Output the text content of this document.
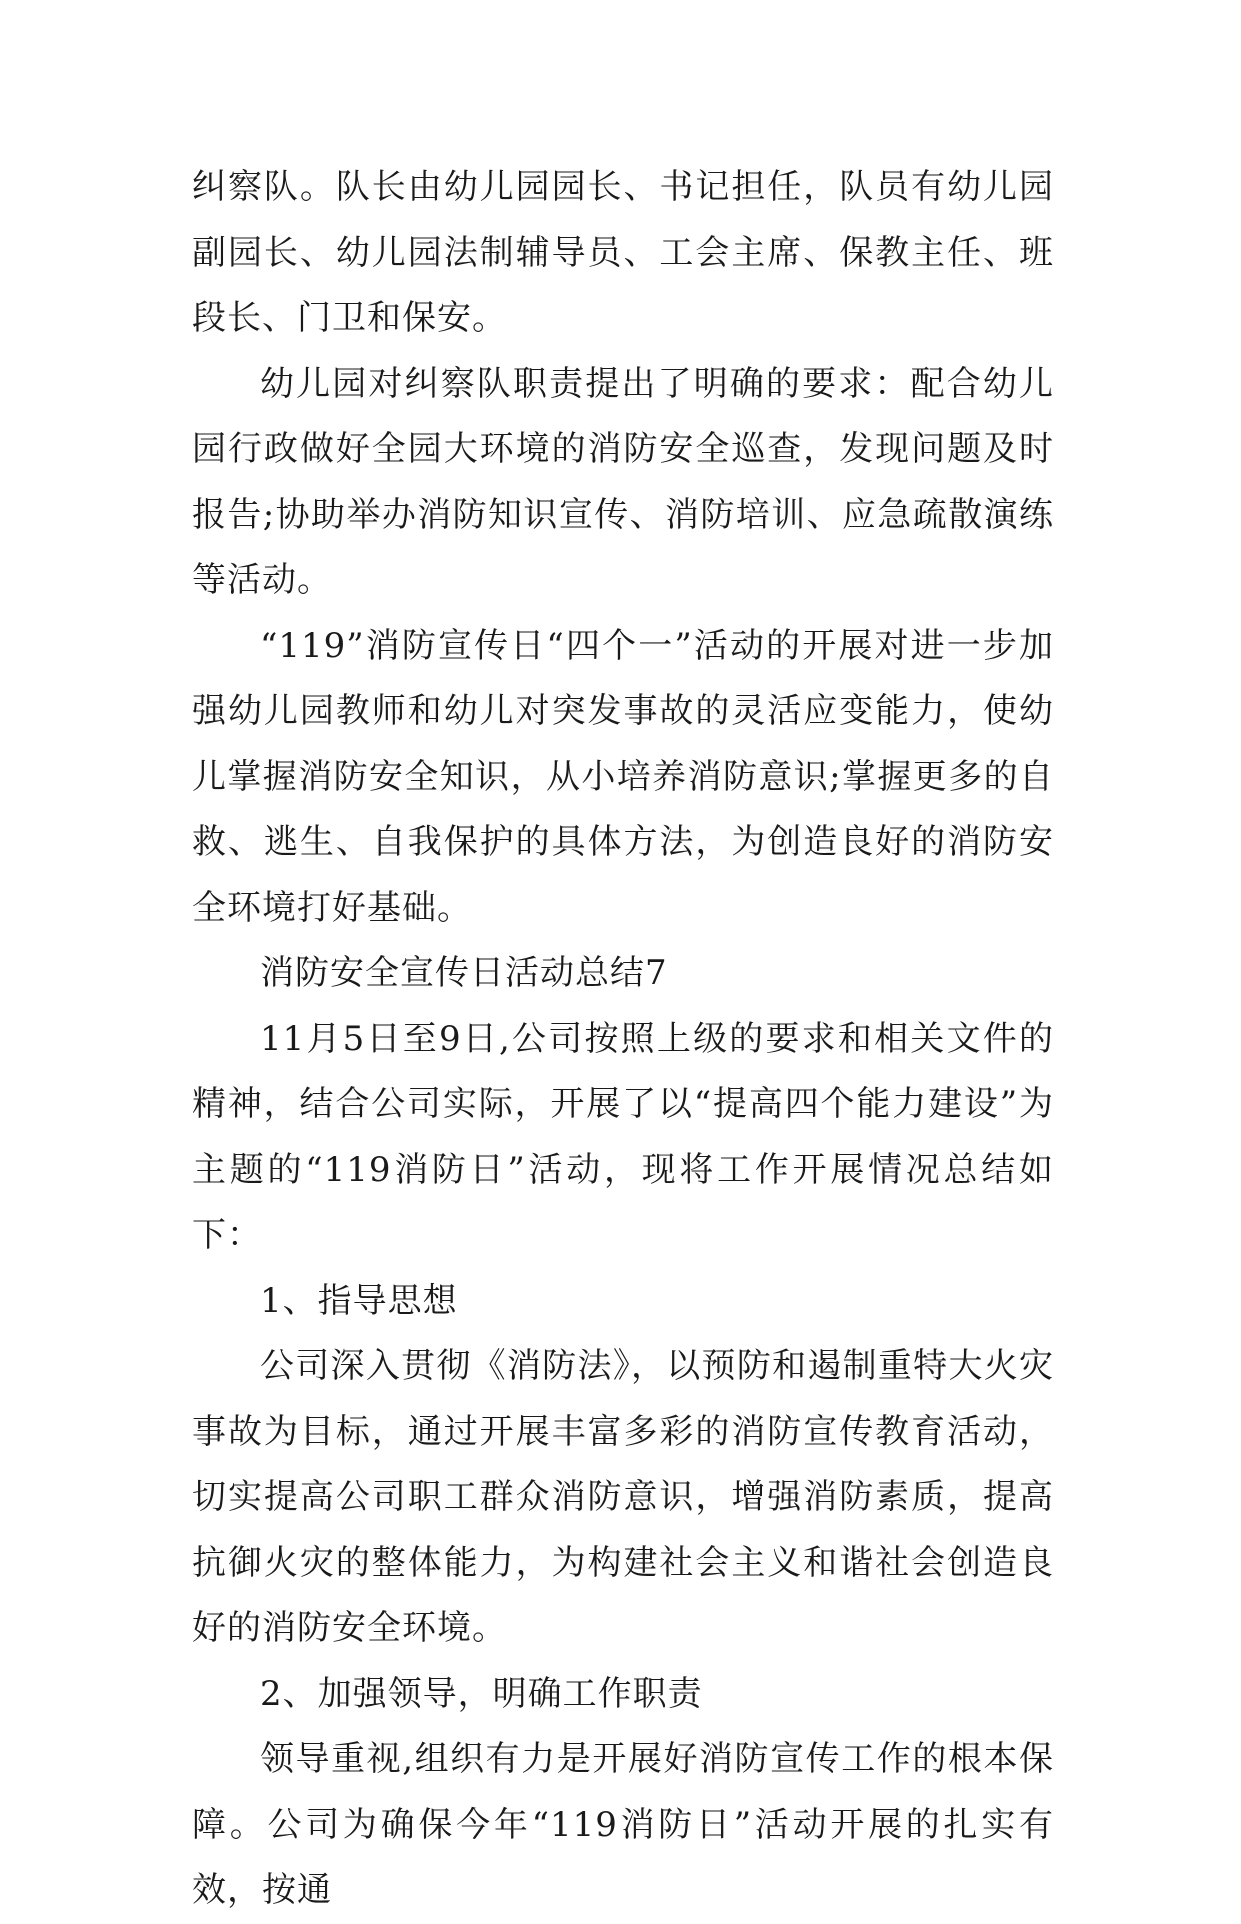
纠察队。队长由幼儿园园长、书记担任，队员有幼儿园副园长、幼儿园法制辅导员、工会主席、保教主任、班段长、门卫和保安。

幼儿园对纠察队职责提出了明确的要求：配合幼儿园行政做好全园大环境的消防安全巡查，发现问题及时报告;协助举办消防知识宣传、消防培训、应急疏散演练等活动。

“119”消防宣传日“四个一”活动的开展对进一步加强幼儿园教师和幼儿对突发事故的灵活应变能力，使幼儿掌握消防安全知识，从小培养消防意识;掌握更多的自救、逃生、自我保护的具体方法，为创造良好的消防安全环境打好基础。

消防安全宣传日活动总结7

11月5日至9日,公司按照上级的要求和相关文件的精神，结合公司实际，开展了以“提高四个能力建设”为主题的“119消防日”活动，现将工作开展情况总结如下：

1、指导思想

公司深入贯彻《消防法》，以预防和遏制重特大火灾事故为目标，通过开展丰富多彩的消防宣传教育活动，切实提高公司职工群众消防意识，增强消防素质，提高抗御火灾的整体能力，为构建社会主义和谐社会创造良好的消防安全环境。

2、加强领导，明确工作职责

领导重视,组织有力是开展好消防宣传工作的根本保障。公司为确保今年“119消防日”活动开展的扎实有效，按通
